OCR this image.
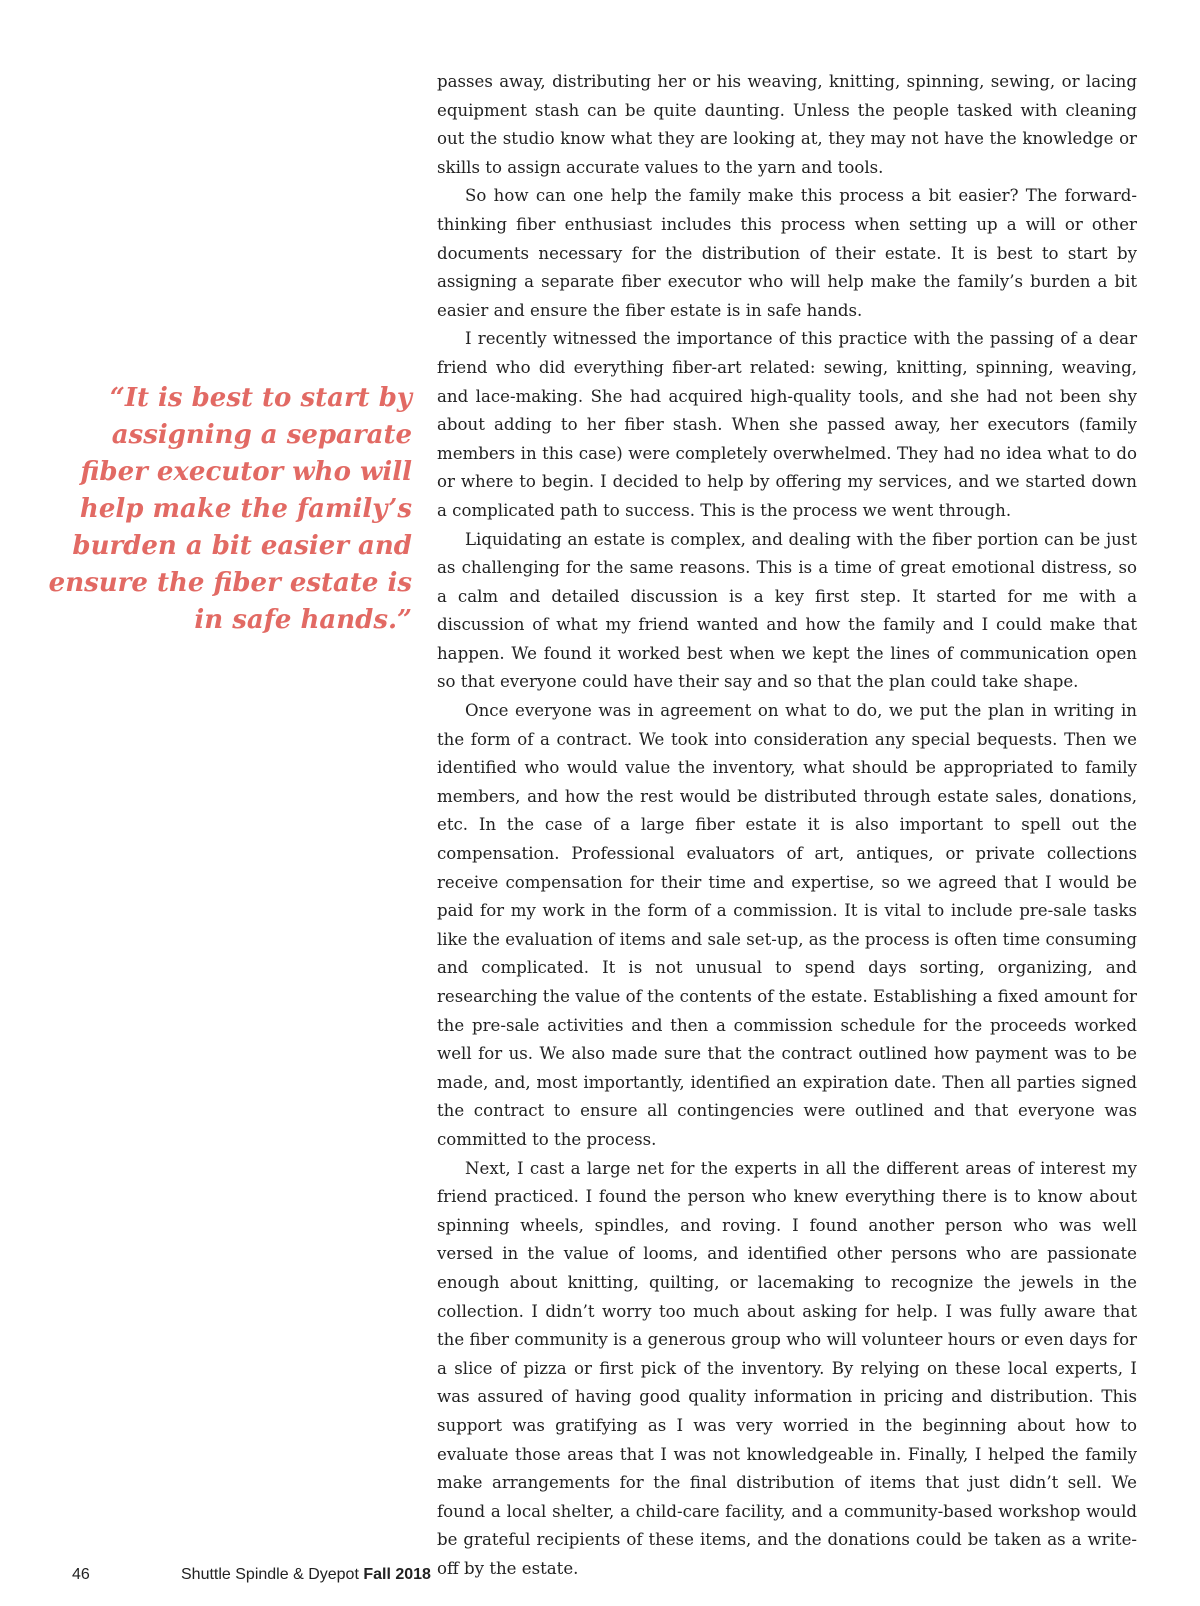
“It is best to start by assigning a separate fiber executor who will help make the family’s burden a bit easier and ensure the fiber estate is in safe hands.”

passes away, distributing her or his weaving, knitting, spinning, sewing, or lacing equipment stash can be quite daunting. Unless the people tasked with cleaning out the studio know what they are looking at, they may not have the knowledge or skills to assign accurate values to the yarn and tools.

So how can one help the family make this process a bit easier? The forward-thinking fiber enthusiast includes this process when setting up a will or other documents necessary for the distribution of their estate. It is best to start by assigning a separate fiber executor who will help make the family’s burden a bit easier and ensure the fiber estate is in safe hands.

I recently witnessed the importance of this practice with the passing of a dear friend who did everything fiber-art related: sewing, knitting, spinning, weaving, and lace-making. She had acquired high-quality tools, and she had not been shy about adding to her fiber stash. When she passed away, her executors (family members in this case) were completely overwhelmed. They had no idea what to do or where to begin. I decided to help by offering my services, and we started down a complicated path to success. This is the process we went through.

Liquidating an estate is complex, and dealing with the fiber portion can be just as challenging for the same reasons. This is a time of great emotional distress, so a calm and detailed discussion is a key first step. It started for me with a discussion of what my friend wanted and how the family and I could make that happen. We found it worked best when we kept the lines of communication open so that everyone could have their say and so that the plan could take shape.

Once everyone was in agreement on what to do, we put the plan in writing in the form of a contract. We took into consideration any special bequests. Then we identified who would value the inventory, what should be appropriated to family members, and how the rest would be distributed through estate sales, donations, etc. In the case of a large fiber estate it is also important to spell out the compensation. Professional evaluators of art, antiques, or private collections receive compensation for their time and expertise, so we agreed that I would be paid for my work in the form of a commission. It is vital to include pre-sale tasks like the evaluation of items and sale set-up, as the process is often time consuming and complicated. It is not unusual to spend days sorting, organizing, and researching the value of the contents of the estate. Establishing a fixed amount for the pre-sale activities and then a commission schedule for the proceeds worked well for us. We also made sure that the contract outlined how payment was to be made, and, most importantly, identified an expiration date. Then all parties signed the contract to ensure all contingencies were outlined and that everyone was committed to the process.

Next, I cast a large net for the experts in all the different areas of interest my friend practiced. I found the person who knew everything there is to know about spinning wheels, spindles, and roving. I found another person who was well versed in the value of looms, and identified other persons who are passionate enough about knitting, quilting, or lacemaking to recognize the jewels in the collection. I didn’t worry too much about asking for help. I was fully aware that the fiber community is a generous group who will volunteer hours or even days for a slice of pizza or first pick of the inventory. By relying on these local experts, I was assured of having good quality information in pricing and distribution. This support was gratifying as I was very worried in the beginning about how to evaluate those areas that I was not knowledgeable in. Finally, I helped the family make arrangements for the final distribution of items that just didn’t sell. We found a local shelter, a child-care facility, and a community-based workshop would be grateful recipients of these items, and the donations could be taken as a write-off by the estate.

46	Shuttle Spindle & Dyepot Fall 2018
